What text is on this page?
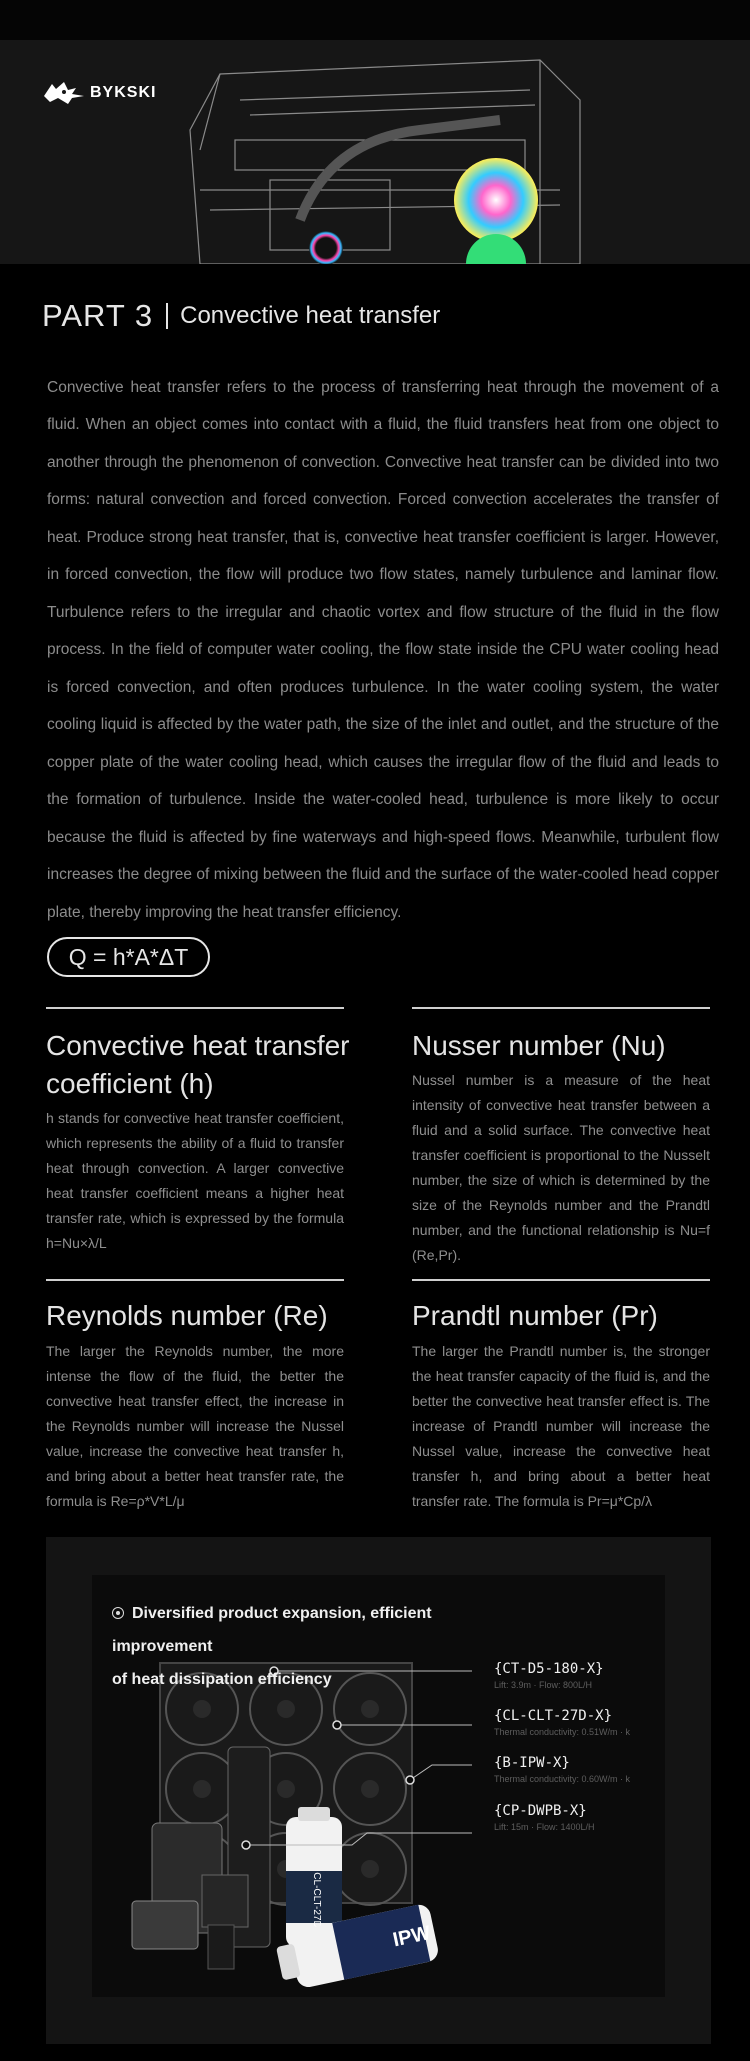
BYKSKI
PART 3 Convective heat transfer

Convective heat transfer refers to the process of transferring heat through the movement of a fluid. When an object comes into contact with a fluid, the fluid transfers heat from one object to another through the phenomenon of convection. Convective heat transfer can be divided into two forms: natural convection and forced convection. Forced convection accelerates the transfer of heat. Produce strong heat transfer, that is, convective heat transfer coefficient is larger. However, in forced convection, the flow will produce two flow states, namely turbulence and laminar flow. Turbulence refers to the irregular and chaotic vortex and flow structure of the fluid in the flow process. In the field of computer water cooling, the flow state inside the CPU water cooling head is forced convection, and often produces turbulence. In the water cooling system, the water cooling liquid is affected by the water path, the size of the inlet and outlet, and the structure of the copper plate of the water cooling head, which causes the irregular flow of the fluid and leads to the formation of turbulence. Inside the water-cooled head, turbulence is more likely to occur because the fluid is affected by fine waterways and high-speed flows. Meanwhile, turbulent flow increases the degree of mixing between the fluid and the surface of the water-cooled head copper plate, thereby improving the heat transfer efficiency.

Q = h*A*ΔT
Convective heat transfer coefficient (h)

h stands for convective heat transfer coefficient, which represents the ability of a fluid to transfer heat through convection. A larger convective heat transfer coefficient means a higher heat transfer rate, which is expressed by the formula h=Nu×λ/L

Nusser number (Nu)

Nussel number is a measure of the heat intensity of convective heat transfer between a fluid and a solid surface. The convective heat transfer coefficient is proportional to the Nusselt number, the size of which is determined by the size of the Reynolds number and the Prandtl number, and the functional relationship is Nu=f (Re,Pr).

Reynolds number (Re)

The larger the Reynolds number, the more intense the flow of the fluid, the better the convective heat transfer effect, the increase in the Reynolds number will increase the Nussel value, increase the convective heat transfer h, and bring about a better heat transfer rate, the formula is Re=ρ*V*L/μ

Prandtl number (Pr)

The larger the Prandtl number is, the stronger the heat transfer capacity of the fluid is, and the better the convective heat transfer effect is. The increase of Prandtl number will increase the Nussel value, increase the convective heat transfer h, and bring about a better heat transfer rate. The formula is Pr=μ*Cp/λ

CL-CLT-27D-X	IPW
Diversified product expansion, efficient improvement
of heat dissipation efficiency
{CT-D5-180-X}
Lift: 3.9m · Flow: 800L/H
{CL-CLT-27D-X}
Thermal conductivity: 0.51W/m · k
{B-IPW-X}
Thermal conductivity: 0.60W/m · k
{CP-DWPB-X}
Lift: 15m · Flow: 1400L/H
